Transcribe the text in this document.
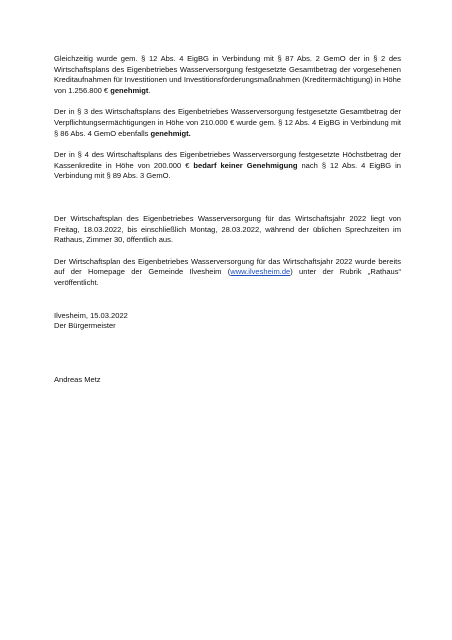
Gleichzeitig wurde gem. § 12 Abs. 4 EigBG in Verbindung mit § 87 Abs. 2 GemO der in § 2 des Wirtschaftsplans des Eigenbetriebes Wasserversorgung festgesetzte Gesamtbetrag der vorgesehenen Kreditaufnahmen für Investitionen und Investitionsförderungsmaßnahmen (Kreditermächtigung) in Höhe von 1.256.800 € genehmigt.

Der in § 3 des Wirtschaftsplans des Eigenbetriebes Wasserversorgung festgesetzte Gesamtbetrag der Verpflichtungsermächtigungen in Höhe von 210.000 € wurde gem. § 12 Abs. 4 EigBG in Verbindung mit § 86 Abs. 4 GemO ebenfalls genehmigt.

Der in § 4 des Wirtschaftsplans des Eigenbetriebes Wasserversorgung festgesetzte Höchstbetrag der Kassenkredite in Höhe von 200.000 € bedarf keiner Genehmigung nach § 12 Abs. 4 EigBG in Verbindung mit § 89 Abs. 3 GemO.

Der Wirtschaftsplan des Eigenbetriebes Wasserversorgung für das Wirtschaftsjahr 2022 liegt von Freitag, 18.03.2022, bis einschließlich Montag, 28.03.2022, während der üblichen Sprechzeiten im Rathaus, Zimmer 30, öffentlich aus.

Der Wirtschaftsplan des Eigenbetriebes Wasserversorgung für das Wirtschaftsjahr 2022 wurde bereits auf der Homepage der Gemeinde Ilvesheim (www.ilvesheim.de) unter der Rubrik „Rathaus“ veröffentlicht.

Ilvesheim, 15.03.2022

Der Bürgermeister

Andreas Metz
